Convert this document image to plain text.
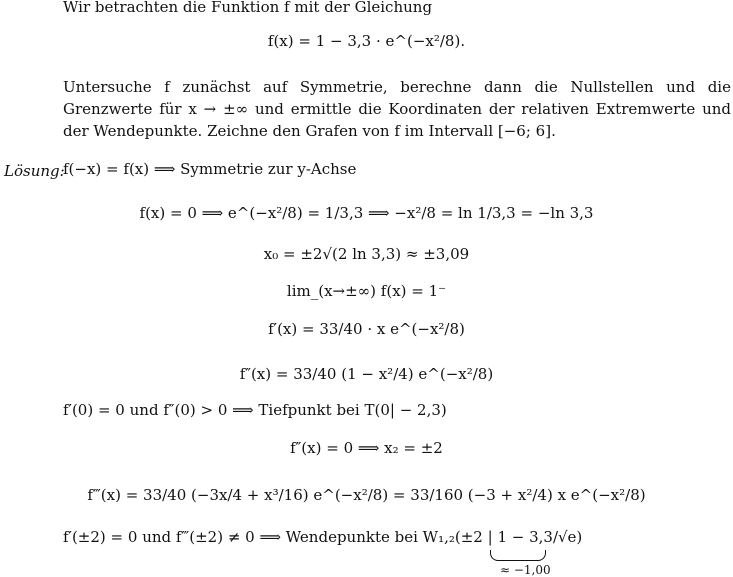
Wir betrachten die Funktion f mit der Gleichung
f(x) = 1 − 3,3 · e^(−x²/8).
Untersuche f zunächst auf Symmetrie, berechne dann die Nullstellen und die Grenzwerte für x → ±∞ und ermittle die Koordinaten der relativen Extremwerte und der Wendepunkte. Zeichne den Grafen von f im Intervall [−6; 6].
Lösung:
f(−x) = f(x) ⟹ Symmetrie zur y-Achse
f(x) = 0 ⟹ e^(−x²/8) = 1/3,3 ⟹ −x²/8 = ln 1/3,3 = −ln 3,3
x₀ = ±2√(2 ln 3,3) ≈ ±3,09
lim_(x→±∞) f(x) = 1⁻
f′(x) = 33/40 · x e^(−x²/8)
f″(x) = 33/40 (1 − x²/4) e^(−x²/8)
f′(0) = 0 und f″(0) > 0 ⟹ Tiefpunkt bei T(0| − 2,3)
f″(x) = 0 ⟹ x₂ = ±2
f‴(x) = 33/40 (−3x/4 + x³/16) e^(−x²/8) = 33/160 (−3 + x²/4) x e^(−x²/8)
f′(±2) = 0 und f‴(±2) ≠ 0 ⟹ Wendepunkte bei W₁,₂(±2 | 1 − 3,3/√e)
≈ −1,00
